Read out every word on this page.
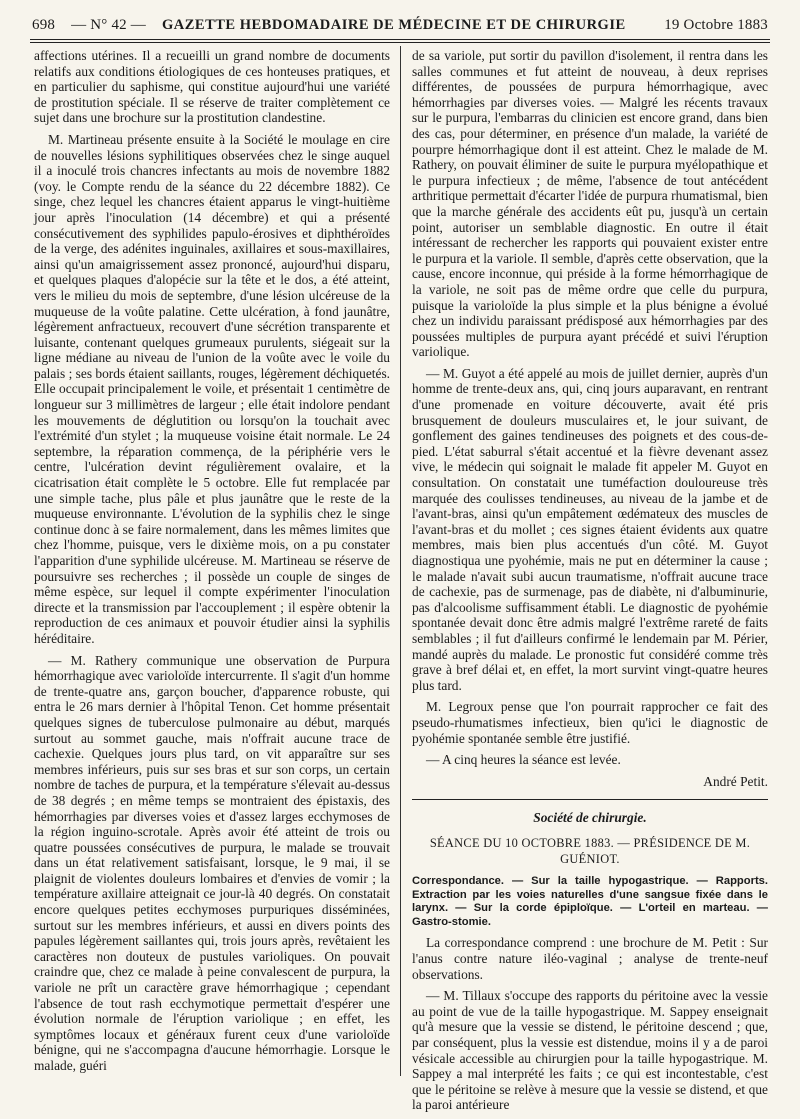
698 — N° 42 — GAZETTE HEBDOMADAIRE DE MÉDECINE ET DE CHIRURGIE	19 Octobre 1883

affections utérines. Il a recueilli un grand nombre de documents relatifs aux conditions étiologiques de ces honteuses pratiques, et en particulier du saphisme, qui constitue aujourd'hui une variété de prostitution spéciale. Il se réserve de traiter complètement ce sujet dans une brochure sur la prostitution clandestine.

M. Martineau présente ensuite à la Société le moulage en cire de nouvelles lésions syphilitiques observées chez le singe auquel il a inoculé trois chancres infectants au mois de novembre 1882 (voy. le Compte rendu de la séance du 22 décembre 1882). Ce singe, chez lequel les chancres étaient apparus le vingt-huitième jour après l'inoculation (14 décembre) et qui a présenté consécutivement des syphilides papulo-érosives et diphthéroïdes de la verge, des adénites inguinales, axillaires et sous-maxillaires, ainsi qu'un amaigrissement assez prononcé, aujourd'hui disparu, et quelques plaques d'alopécie sur la tête et le dos, a été atteint, vers le milieu du mois de septembre, d'une lésion ulcéreuse de la muqueuse de la voûte palatine. Cette ulcération, à fond jaunâtre, légèrement anfractueux, recouvert d'une sécrétion transparente et luisante, contenant quelques grumeaux purulents, siégeait sur la ligne médiane au niveau de l'union de la voûte avec le voile du palais ; ses bords étaient saillants, rouges, légèrement déchiquetés. Elle occupait principalement le voile, et présentait 1 centimètre de longueur sur 3 millimètres de largeur ; elle était indolore pendant les mouvements de déglutition ou lorsqu'on la touchait avec l'extrémité d'un stylet ; la muqueuse voisine était normale. Le 24 septembre, la réparation commença, de la périphérie vers le centre, l'ulcération devint régulièrement ovalaire, et la cicatrisation était complète le 5 octobre. Elle fut remplacée par une simple tache, plus pâle et plus jaunâtre que le reste de la muqueuse environnante. L'évolution de la syphilis chez le singe continue donc à se faire normalement, dans les mêmes limites que chez l'homme, puisque, vers le dixième mois, on a pu constater l'apparition d'une syphilide ulcéreuse. M. Martineau se réserve de poursuivre ses recherches ; il possède un couple de singes de même espèce, sur lequel il compte expérimenter l'inoculation directe et la transmission par l'accouplement ; il espère obtenir la reproduction de ces animaux et pouvoir étudier ainsi la syphilis héréditaire.

— M. Rathery communique une observation de Purpura hémorrhagique avec varioloïde intercurrente. Il s'agit d'un homme de trente-quatre ans, garçon boucher, d'apparence robuste, qui entra le 26 mars dernier à l'hôpital Tenon. Cet homme présentait quelques signes de tuberculose pulmonaire au début, marqués surtout au sommet gauche, mais n'offrait aucune trace de cachexie. Quelques jours plus tard, on vit apparaître sur ses membres inférieurs, puis sur ses bras et sur son corps, un certain nombre de taches de purpura, et la température s'élevait au-dessus de 38 degrés ; en même temps se montraient des épistaxis, des hémorrhagies par diverses voies et d'assez larges ecchymoses de la région inguino-scrotale. Après avoir été atteint de trois ou quatre poussées consécutives de purpura, le malade se trouvait dans un état relativement satisfaisant, lorsque, le 9 mai, il se plaignit de violentes douleurs lombaires et d'envies de vomir ; la température axillaire atteignait ce jour-là 40 degrés. On constatait encore quelques petites ecchymoses purpuriques disséminées, surtout sur les membres inférieurs, et aussi en divers points des papules légèrement saillantes qui, trois jours après, revêtaient les caractères non douteux de pustules varioliques. On pouvait craindre que, chez ce malade à peine convalescent de purpura, la variole ne prît un caractère grave hémorrhagique ; cependant l'absence de tout rash ecchymotique permettait d'espérer une évolution normale de l'éruption variolique ; en effet, les symptômes locaux et généraux furent ceux d'une varioloïde bénigne, qui ne s'accompagna d'aucune hémorrhagie. Lorsque le malade, guéri

de sa variole, put sortir du pavillon d'isolement, il rentra dans les salles communes et fut atteint de nouveau, à deux reprises différentes, de poussées de purpura hémorrhagique, avec hémorrhagies par diverses voies. — Malgré les récents travaux sur le purpura, l'embarras du clinicien est encore grand, dans bien des cas, pour déterminer, en présence d'un malade, la variété de pourpre hémorrhagique dont il est atteint. Chez le malade de M. Rathery, on pouvait éliminer de suite le purpura myélopathique et le purpura infectieux ; de même, l'absence de tout antécédent arthritique permettait d'écarter l'idée de purpura rhumatismal, bien que la marche générale des accidents eût pu, jusqu'à un certain point, autoriser un semblable diagnostic. En outre il était intéressant de rechercher les rapports qui pouvaient exister entre le purpura et la variole. Il semble, d'après cette observation, que la cause, encore inconnue, qui préside à la forme hémorrhagique de la variole, ne soit pas de même ordre que celle du purpura, puisque la varioloïde la plus simple et la plus bénigne a évolué chez un individu paraissant prédisposé aux hémorrhagies par des poussées multiples de purpura ayant précédé et suivi l'éruption variolique.

— M. Guyot a été appelé au mois de juillet dernier, auprès d'un homme de trente-deux ans, qui, cinq jours auparavant, en rentrant d'une promenade en voiture découverte, avait été pris brusquement de douleurs musculaires et, le jour suivant, de gonflement des gaines tendineuses des poignets et des cous-de-pied. L'état saburral s'était accentué et la fièvre devenant assez vive, le médecin qui soignait le malade fit appeler M. Guyot en consultation. On constatait une tuméfaction douloureuse très marquée des coulisses tendineuses, au niveau de la jambe et de l'avant-bras, ainsi qu'un empâtement œdémateux des muscles de l'avant-bras et du mollet ; ces signes étaient évidents aux quatre membres, mais bien plus accentués d'un côté. M. Guyot diagnostiqua une pyohémie, mais ne put en déterminer la cause ; le malade n'avait subi aucun traumatisme, n'offrait aucune trace de cachexie, pas de surmenage, pas de diabète, ni d'albuminurie, pas d'alcoolisme suffisamment établi. Le diagnostic de pyohémie spontanée devait donc être admis malgré l'extrême rareté de faits semblables ; il fut d'ailleurs confirmé le lendemain par M. Périer, mandé auprès du malade. Le pronostic fut considéré comme très grave à bref délai et, en effet, la mort survint vingt-quatre heures plus tard.

M. Legroux pense que l'on pourrait rapprocher ce fait des pseudo-rhumatismes infectieux, bien qu'ici le diagnostic de pyohémie spontanée semble être justifié.

— A cinq heures la séance est levée.

André Petit.
Société de chirurgie.
SÉANCE DU 10 OCTOBRE 1883. — PRÉSIDENCE DE M. GUÉNIOT.

Correspondance. — Sur la taille hypogastrique. — Rapports. Extraction par les voies naturelles d'une sangsue fixée dans le larynx. — Sur la corde épiploïque. — L'orteil en marteau. — Gastro-stomie.

La correspondance comprend : une brochure de M. Petit : Sur l'anus contre nature iléo-vaginal ; analyse de trente-neuf observations.

— M. Tillaux s'occupe des rapports du péritoine avec la vessie au point de vue de la taille hypogastrique. M. Sappey enseignait qu'à mesure que la vessie se distend, le péritoine descend ; que, par conséquent, plus la vessie est distendue, moins il y a de paroi vésicale accessible au chirurgien pour la taille hypogastrique. M. Sappey a mal interprété les faits ; ce qui est incontestable, c'est que le péritoine se relève à mesure que la vessie se distend, et que la paroi antérieure
